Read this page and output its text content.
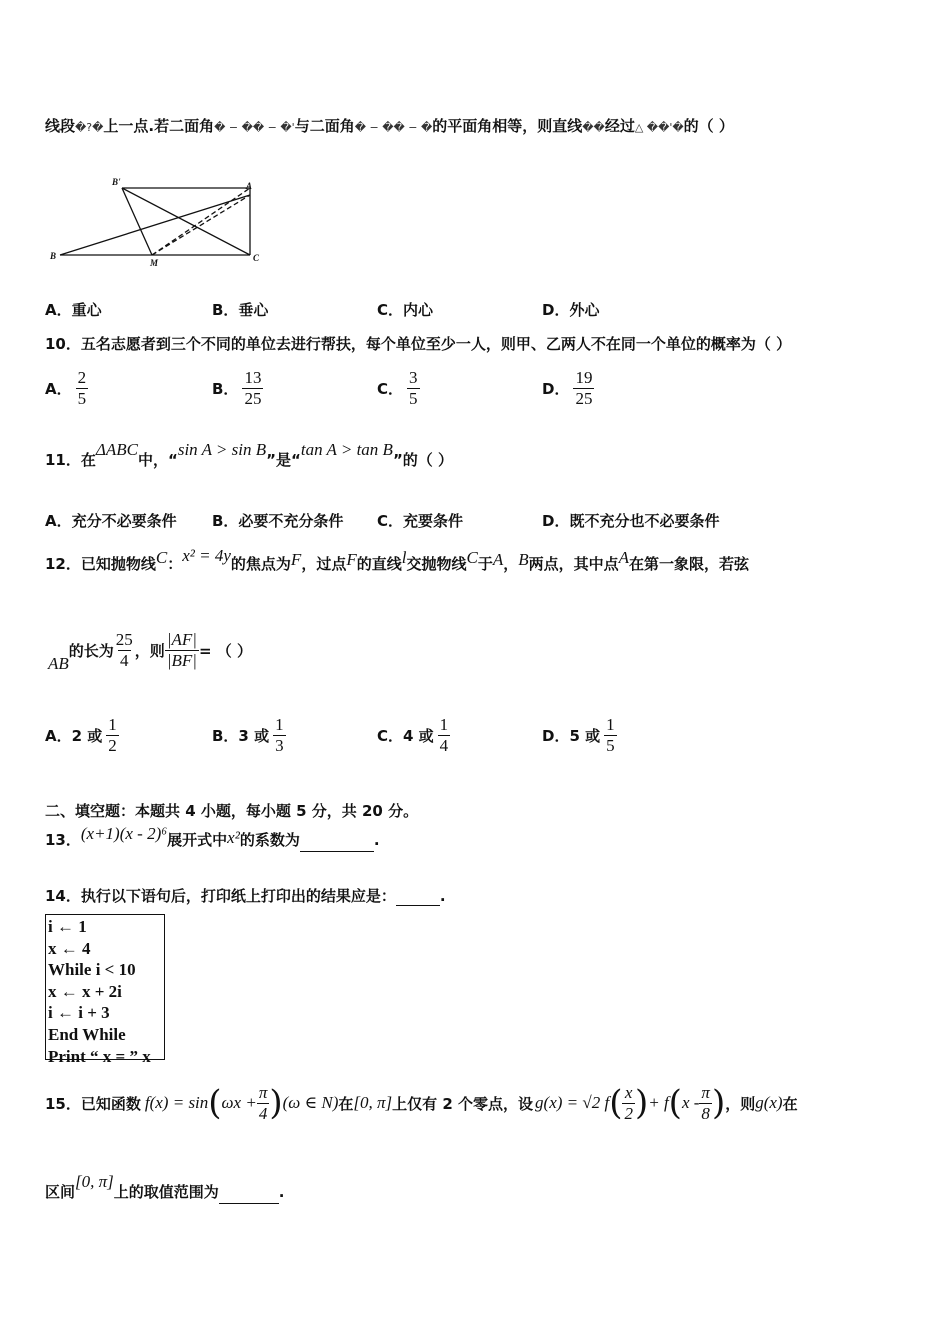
线段�?�上一点.若二面角� − �� − �'与二面角� − �� − �的平面角相等，则直线��经过△ ��'�的（ ）
B'	A
B
M	C
A．重心	B．垂心	C．内心	D．外心
10．五名志愿者到三个不同的单位去进行帮扶，每个单位至少一人，则甲、乙两人不在同一个单位的概率为（ ）
A． $\frac{2}{5}$	B． $\frac{13}{25}$	C． $\frac{3}{5}$	D． $\frac{19}{25}$
11．在ΔABC中，“sin A > sin B”是“tan A > tan B”的（ ）
A．充分不必要条件 B．必要不充分条件 C．充要条件	D．既不充分也不必要条件
12．已知抛物线C：x² = 4y的焦点为F，过点F的直线l交抛物线C于A，B两点，其中点A在第一象限，若弦
AB
的长为 $\frac{25}{4}$ ，则 $\frac{|AF|}{|BF|}$ = （ ）
A．2 或 $\frac{1}{2}$	B．3 或 $\frac{1}{3}$	C．4 或 $\frac{1}{4}$	D．5 或 $\frac{1}{5}$
二、填空题：本题共 4 小题，每小题 5 分，共 20 分。
13．(x+1)(x - 2)⁶展开式中x²的系数为	.
14．执行以下语句后，打印纸上打印出的结果应是：	.
i ← 1
x ← 4
While i < 10
x ← x + 2i
i ← i + 3
End While
Print “ x = ” x
15．已知函数 f(x) = sin ( $\omega x + \frac{\pi}{4}$ ) (ω ∈ N) 在 [0, π] 上仅有 2 个零点，设 g(x) = √2 f ( $\frac{x}{2}$ ) + f ( x - $\frac{\pi}{8}$ ) ，则 g(x) 在
区间[0, π]上的取值范围为	.
